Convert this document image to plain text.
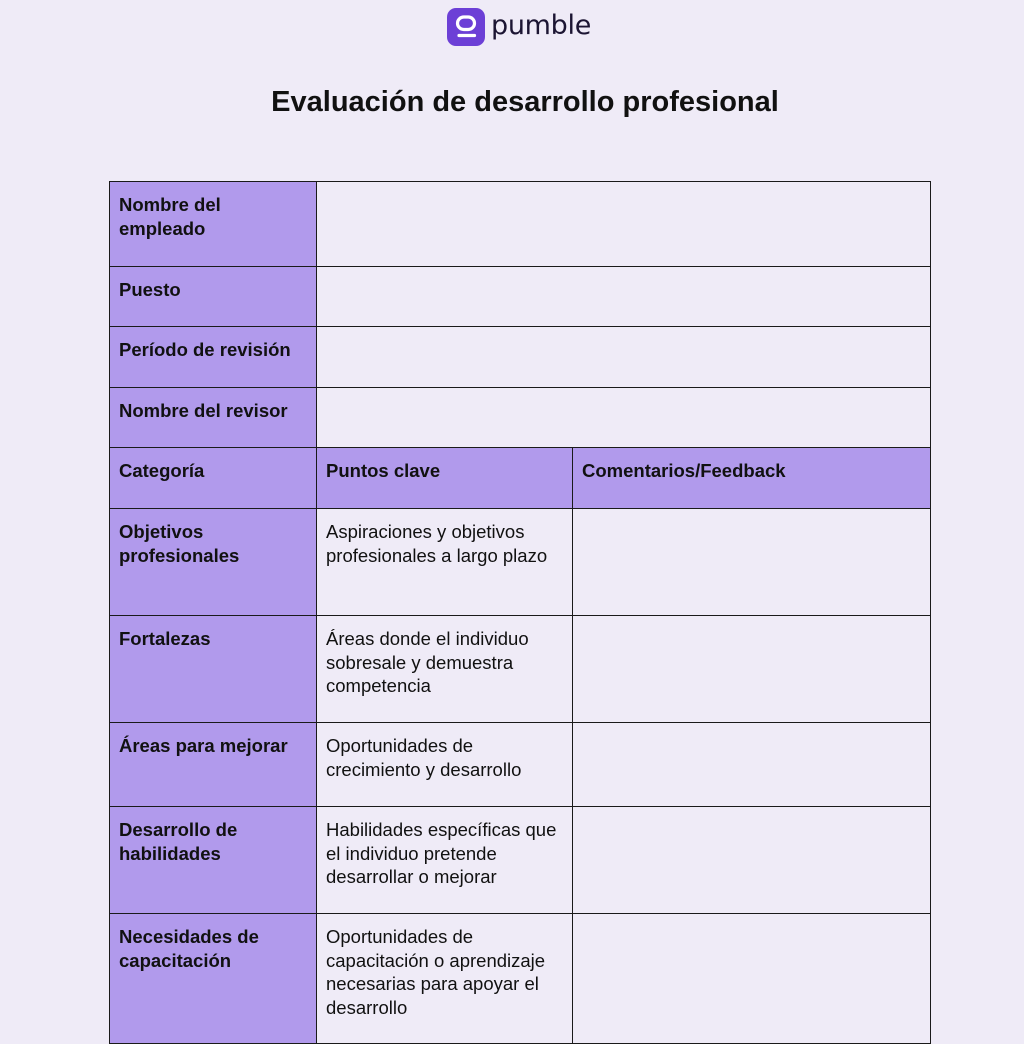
pumble
Evaluación de desarrollo profesional
Nombre del empleado		
Puesto		
Período de revisión		
Nombre del revisor		
Categoría	Puntos clave	Comentarios/Feedback
Objetivos profesionales	Aspiraciones y objetivos profesionales a largo plazo	
Fortalezas	Áreas donde el individuo sobresale y demuestra competencia	
Áreas para mejorar	Oportunidades de crecimiento y desarrollo	
Desarrollo de habilidades	Habilidades específicas que el individuo pretende desarrollar o mejorar	
Necesidades de capacitación	Oportunidades de capacitación o aprendizaje necesarias para apoyar el desarrollo	
